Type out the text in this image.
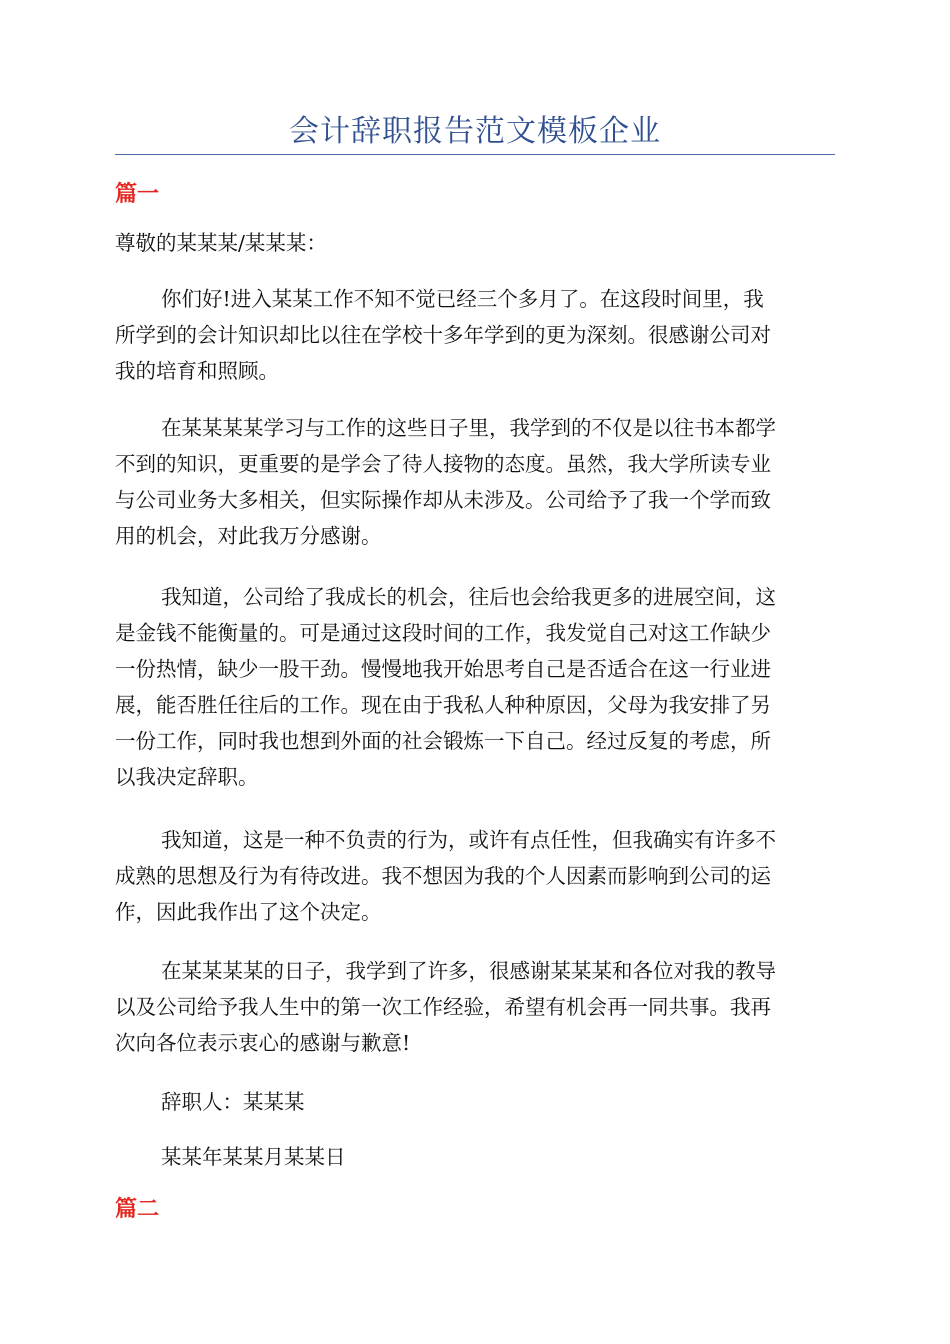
会计辞职报告范文模板企业
篇一
尊敬的某某某/某某某：
你们好!进入某某工作不知不觉已经三个多月了。在这段时间里，我
所学到的会计知识却比以往在学校十多年学到的更为深刻。很感谢公司对
我的培育和照顾。
在某某某某学习与工作的这些日子里，我学到的不仅是以往书本都学
不到的知识，更重要的是学会了待人接物的态度。虽然，我大学所读专业
与公司业务大多相关，但实际操作却从未涉及。公司给予了我一个学而致
用的机会，对此我万分感谢。
我知道，公司给了我成长的机会，往后也会给我更多的进展空间，这
是金钱不能衡量的。可是通过这段时间的工作，我发觉自己对这工作缺少
一份热情，缺少一股干劲。慢慢地我开始思考自己是否适合在这一行业进
展，能否胜任往后的工作。现在由于我私人种种原因，父母为我安排了另
一份工作，同时我也想到外面的社会锻炼一下自己。经过反复的考虑，所
以我决定辞职。
我知道，这是一种不负责的行为，或许有点任性，但我确实有许多不
成熟的思想及行为有待改进。我不想因为我的个人因素而影响到公司的运
作，因此我作出了这个决定。
在某某某某的日子，我学到了许多，很感谢某某某和各位对我的教导
以及公司给予我人生中的第一次工作经验，希望有机会再一同共事。我再
次向各位表示衷心的感谢与歉意!
辞职人：某某某
某某年某某月某某日
篇二
